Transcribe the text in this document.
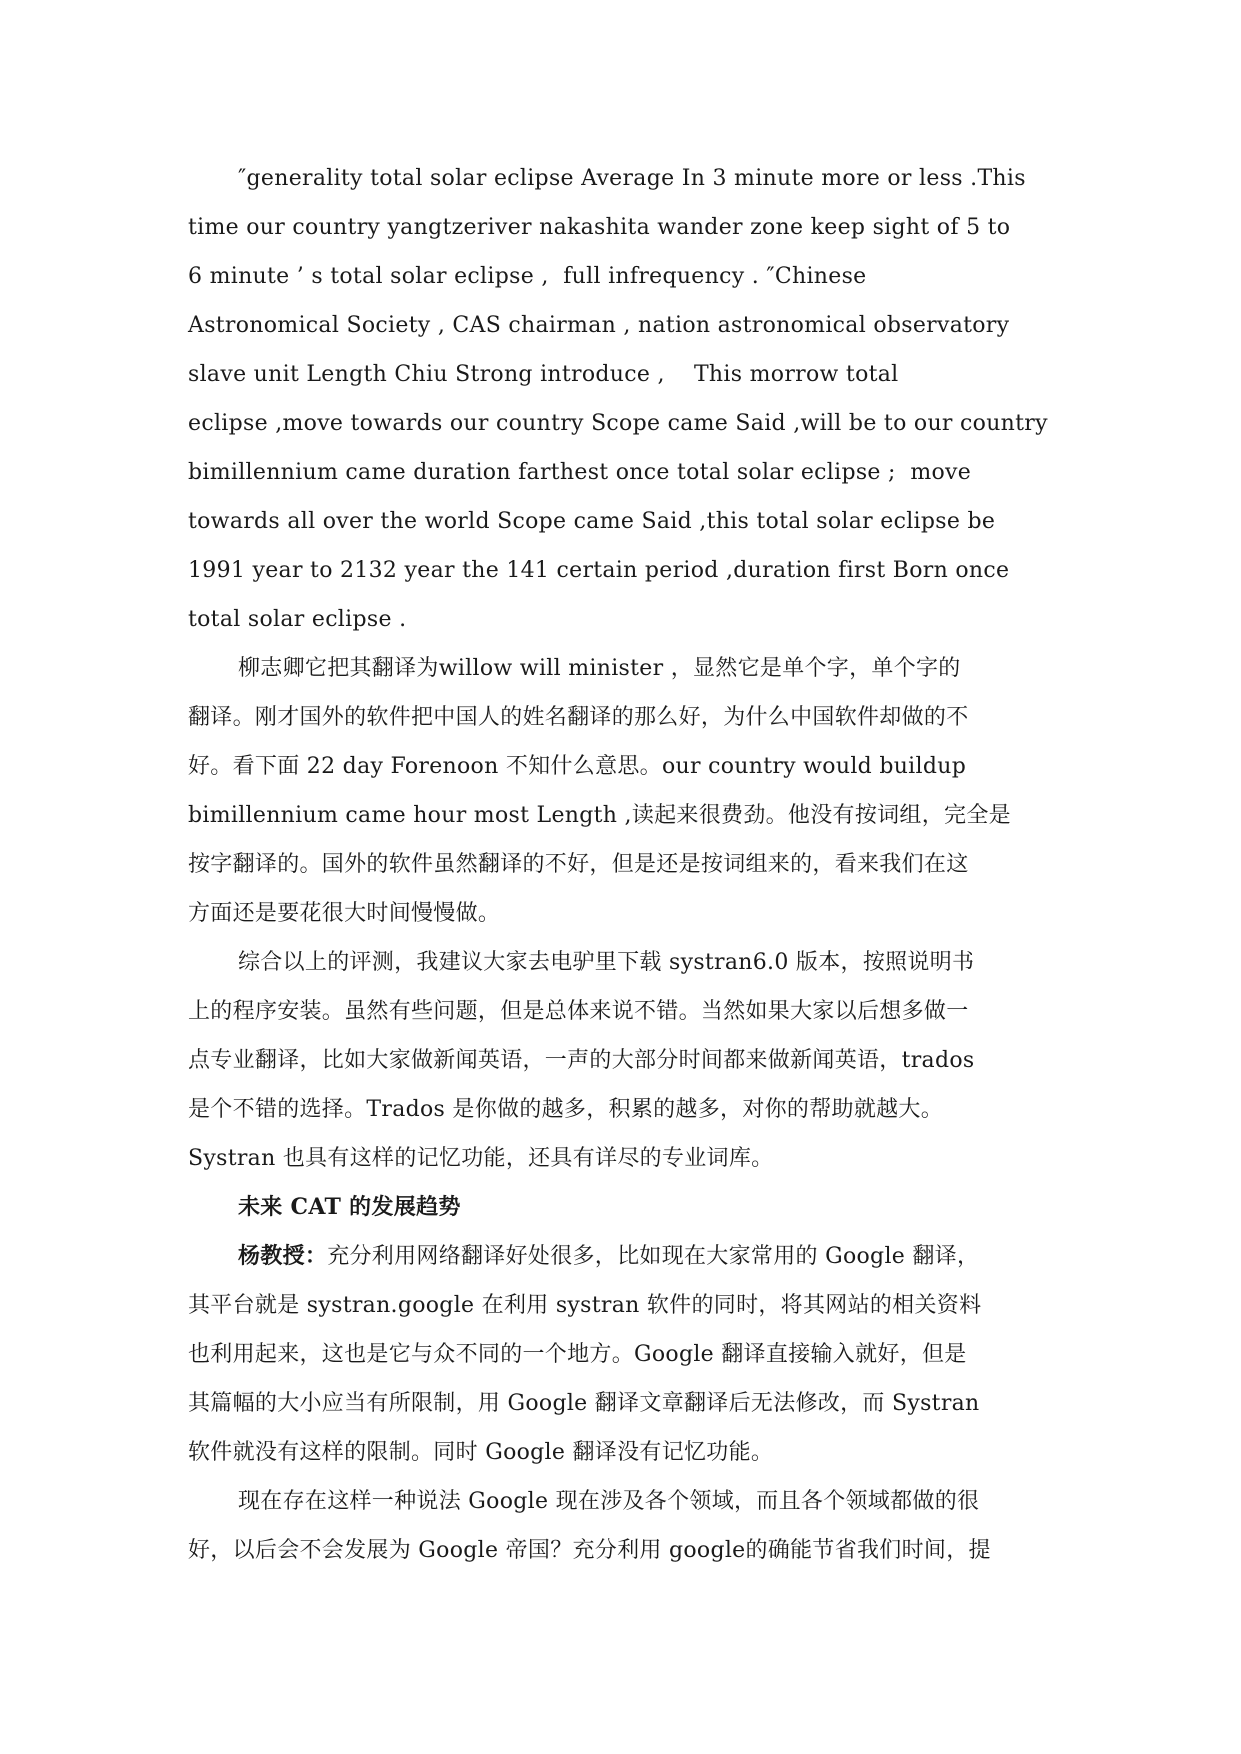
″generality total solar eclipse Average In 3 minute more or less .This
time our country yangtzeriver nakashita wander zone keep sight of 5 to
6 minute ’ s total solar eclipse ,  full infrequency . ″Chinese
Astronomical Society , CAS chairman , nation astronomical observatory
slave unit Length Chiu Strong introduce ,    This morrow total
eclipse ,move towards our country Scope came Said ,will be to our country
bimillennium came duration farthest once total solar eclipse ;  move
towards all over the world Scope came Said ,this total solar eclipse be
1991 year to 2132 year the 141 certain period ,duration first Born once
total solar eclipse .
柳志卿它把其翻译为willow will minister ，显然它是单个字，单个字的
翻译。刚才国外的软件把中国人的姓名翻译的那么好，为什么中国软件却做的不
好。看下面 22 day Forenoon 不知什么意思。our country would buildup
bimillennium came hour most Length ,读起来很费劲。他没有按词组，完全是
按字翻译的。国外的软件虽然翻译的不好，但是还是按词组来的，看来我们在这
方面还是要花很大时间慢慢做。
综合以上的评测，我建议大家去电驴里下载 systran6.0 版本，按照说明书
上的程序安装。虽然有些问题，但是总体来说不错。当然如果大家以后想多做一
点专业翻译，比如大家做新闻英语，一声的大部分时间都来做新闻英语，trados
是个不错的选择。Trados 是你做的越多，积累的越多，对你的帮助就越大。
Systran 也具有这样的记忆功能，还具有详尽的专业词库。
未来 CAT 的发展趋势
杨教授：充分利用网络翻译好处很多，比如现在大家常用的 Google 翻译，
其平台就是 systran.google 在利用 systran 软件的同时，将其网站的相关资料
也利用起来，这也是它与众不同的一个地方。Google 翻译直接输入就好，但是
其篇幅的大小应当有所限制，用 Google 翻译文章翻译后无法修改，而 Systran
软件就没有这样的限制。同时 Google 翻译没有记忆功能。
现在存在这样一种说法 Google 现在涉及各个领域，而且各个领域都做的很
好，以后会不会发展为 Google 帝国？充分利用 google的确能节省我们时间，提
